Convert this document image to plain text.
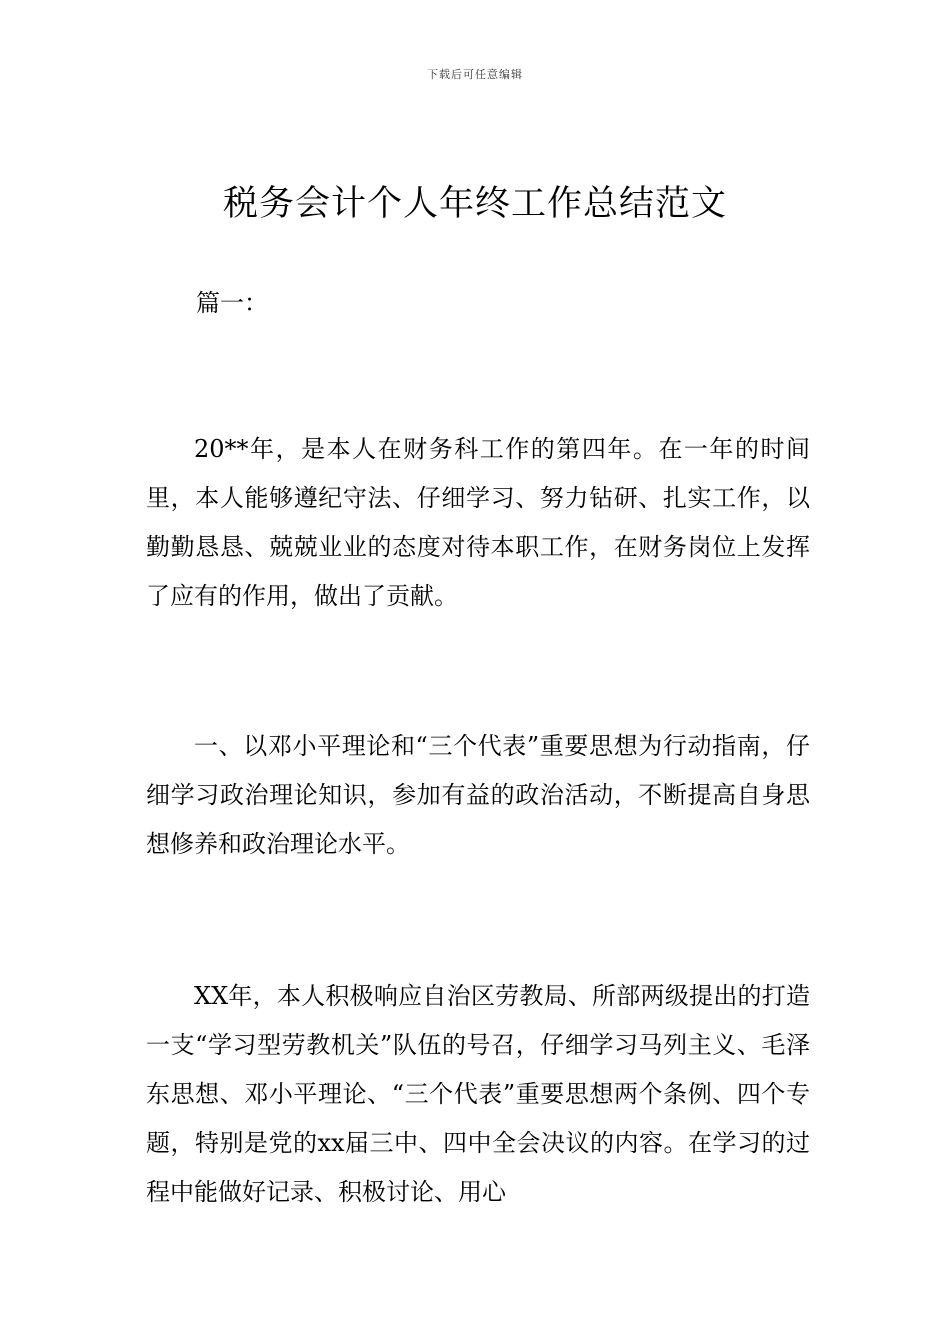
下载后可任意编辑
税务会计个人年终工作总结范文
篇一：

20**年，是本人在财务科工作的第四年。在一年的时间里，本人能够遵纪守法、仔细学习、努力钻研、扎实工作，以勤勤恳恳、兢兢业业的态度对待本职工作，在财务岗位上发挥了应有的作用，做出了贡献。

一、以邓小平理论和“三个代表”重要思想为行动指南，仔细学习政治理论知识，参加有益的政治活动，不断提高自身思想修养和政治理论水平。

XX年，本人积极响应自治区劳教局、所部两级提出的打造一支“学习型劳教机关”队伍的号召，仔细学习马列主义、毛泽东思想、邓小平理论、“三个代表”重要思想两个条例、四个专题，特别是党的xx届三中、四中全会决议的内容。在学习的过程中能做好记录、积极讨论、用心
